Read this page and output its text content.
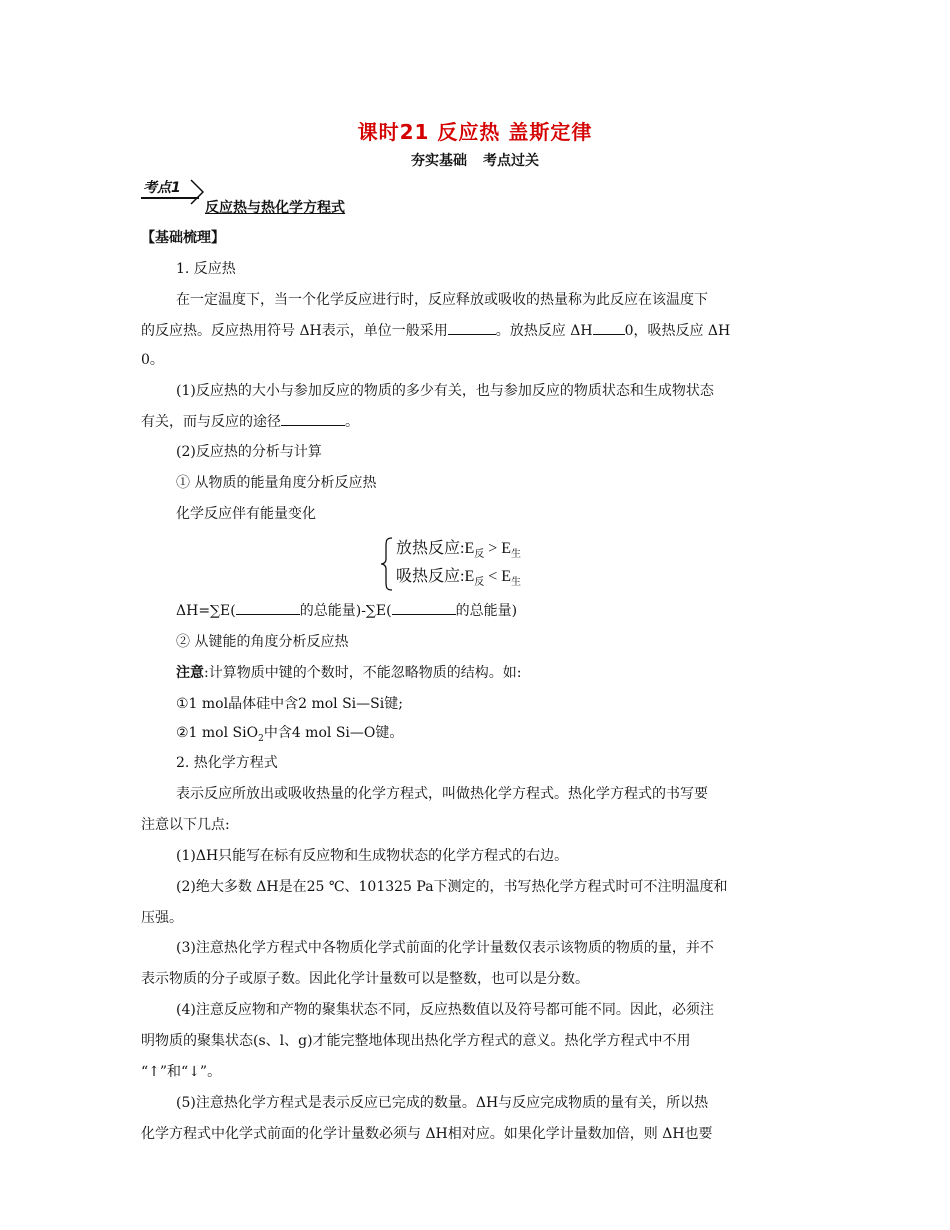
课时21 反应热 盖斯定律
夯实基础 考点过关
考点1
反应热与热化学方程式
【基础梳理】
1. 反应热
在一定温度下，当一个化学反应进行时，反应释放或吸收的热量称为此反应在该温度下
的反应热。反应热用符号 ΔH表示，单位一般采用	。放热反应 ΔH 0，吸热反应 ΔH
0。
(1)反应热的大小与参加反应的物质的多少有关，也与参加反应的物质状态和生成物状态
有关，而与反应的途径	。
(2)反应热的分析与计算
① 从物质的能量角度分析反应热
化学反应伴有能量变化
放热反应$:E_反 > E_生$
吸热反应$:E_反 < E_生$
ΔH=∑E(	的总能量)-∑E(	的总能量)
② 从键能的角度分析反应热
注意:计算物质中键的个数时，不能忽略物质的结构。如:
①1 mol晶体硅中含2 mol Si—Si键;
②1 mol SiO$_2$中含4 mol Si—O键。
2. 热化学方程式
表示反应所放出或吸收热量的化学方程式，叫做热化学方程式。热化学方程式的书写要
注意以下几点:
(1)ΔH只能写在标有反应物和生成物状态的化学方程式的右边。
(2)绝大多数 ΔH是在25 ℃、101325 Pa下测定的，书写热化学方程式时可不注明温度和
压强。
(3)注意热化学方程式中各物质化学式前面的化学计量数仅表示该物质的物质的量，并不
表示物质的分子或原子数。因此化学计量数可以是整数，也可以是分数。
(4)注意反应物和产物的聚集状态不同，反应热数值以及符号都可能不同。因此，必须注
明物质的聚集状态(s、l、g)才能完整地体现出热化学方程式的意义。热化学方程式中不用
“↑”和“↓”。
(5)注意热化学方程式是表示反应已完成的数量。ΔH与反应完成物质的量有关，所以热
化学方程式中化学式前面的化学计量数必须与 ΔH相对应。如果化学计量数加倍，则 ΔH也要
